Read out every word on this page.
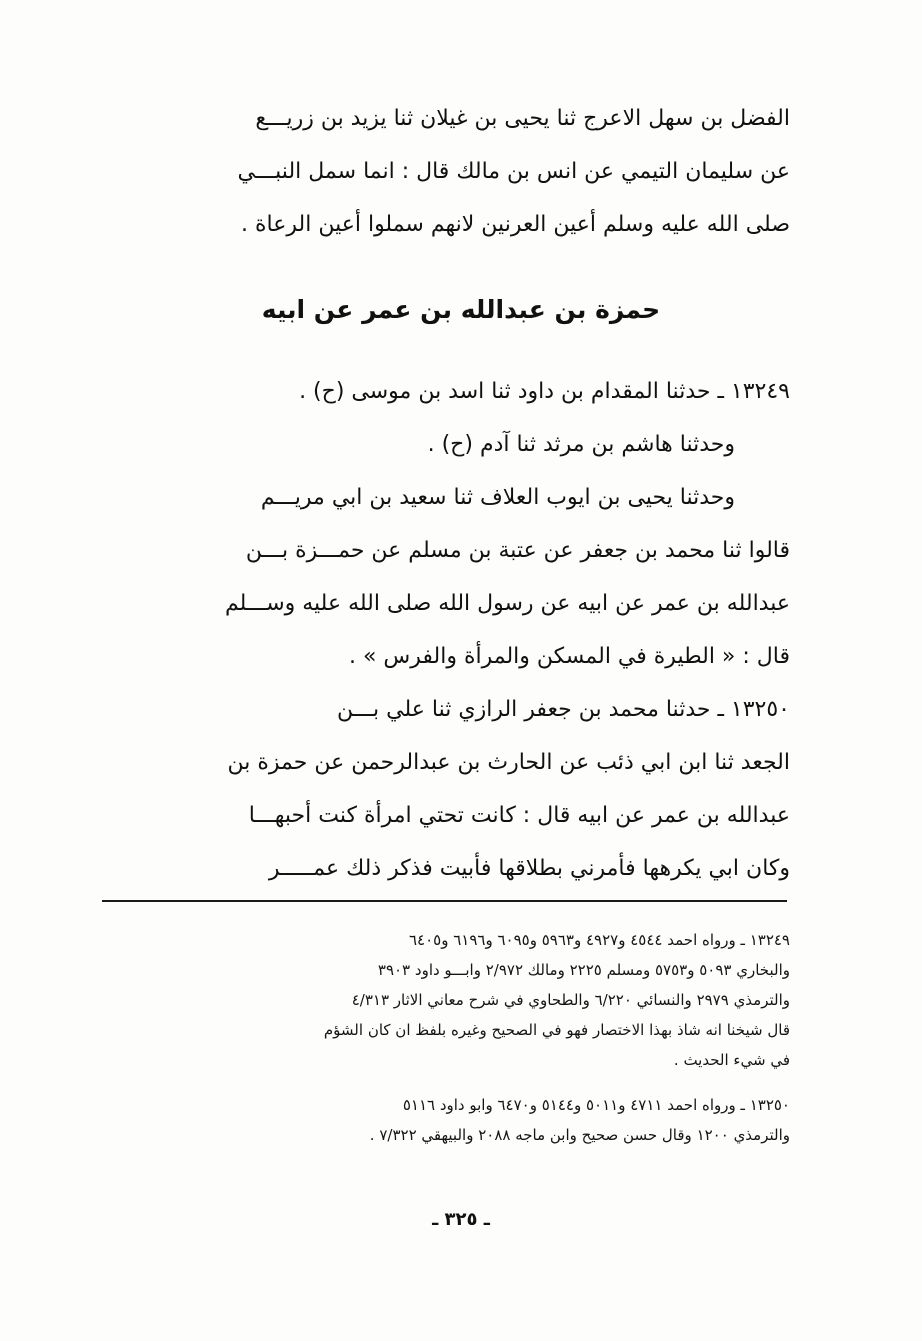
الفضل بن سهل الاعرج ثنا يحيى بن غيلان ثنا يزيد بن زريـــع
عن سليمان التيمي عن انس بن مالك قال : انما سمل النبـــي
صلى الله عليه وسلم أعين العرنين لانهم سملوا أعين الرعاة .
حمزة بن عبدالله بن عمر عن ابيه
١٣٢٤٩ ـ حدثنا المقدام بن داود ثنا اسد بن موسى (ح) .
وحدثنا هاشم بن مرثد ثنا آدم (ح) .
وحدثنا يحيى بن ايوب العلاف ثنا سعيد بن ابي مريـــم
قالوا ثنا محمد بن جعفر عن عتبة بن مسلم عن حمـــزة بـــن
عبدالله بن عمر عن ابيه عن رسول الله صلى الله عليه وســـلم
قال : « الطيرة في المسكن والمرأة والفرس » .
١٣٢٥٠ ـ حدثنا محمد بن جعفر الرازي ثنا علي بـــن
الجعد ثنا ابن ابي ذئب عن الحارث بن عبدالرحمن عن حمزة بن
عبدالله بن عمر عن ابيه قال : كانت تحتي امرأة كنت أحبهـــا
وكان ابي يكرهها فأمرني بطلاقها فأبيت فذكر ذلك عمـــــر
١٣٢٤٩ ـ ورواه احمد ٤٥٤٤ و٤٩٢٧ و٥٩٦٣ و٦٠٩٥ و٦١٩٦ و٦٤٠٥
والبخاري ٥٠٩٣ و٥٧٥٣ ومسلم ٢٢٢٥ ومالك ٢/٩٧٢ وابـــو داود ٣٩٠٣
والترمذي ٢٩٧٩ والنسائي ٦/٢٢٠ والطحاوي في شرح معاني الاثار ٤/٣١٣
قال شيخنا انه شاذ بهذا الاختصار فهو في الصحيح وغيره بلفظ ان كان الشؤم
في شيء الحديث .
١٣٢٥٠ ـ ورواه احمد ٤٧١١ و٥٠١١ و٥١٤٤ و٦٤٧٠ وابو داود ٥١١٦
والترمذي ١٢٠٠ وقال حسن صحيح وابن ماجه ٢٠٨٨ والبيهقي ٧/٣٢٢ .
ـ ٣٢٥ ـ
